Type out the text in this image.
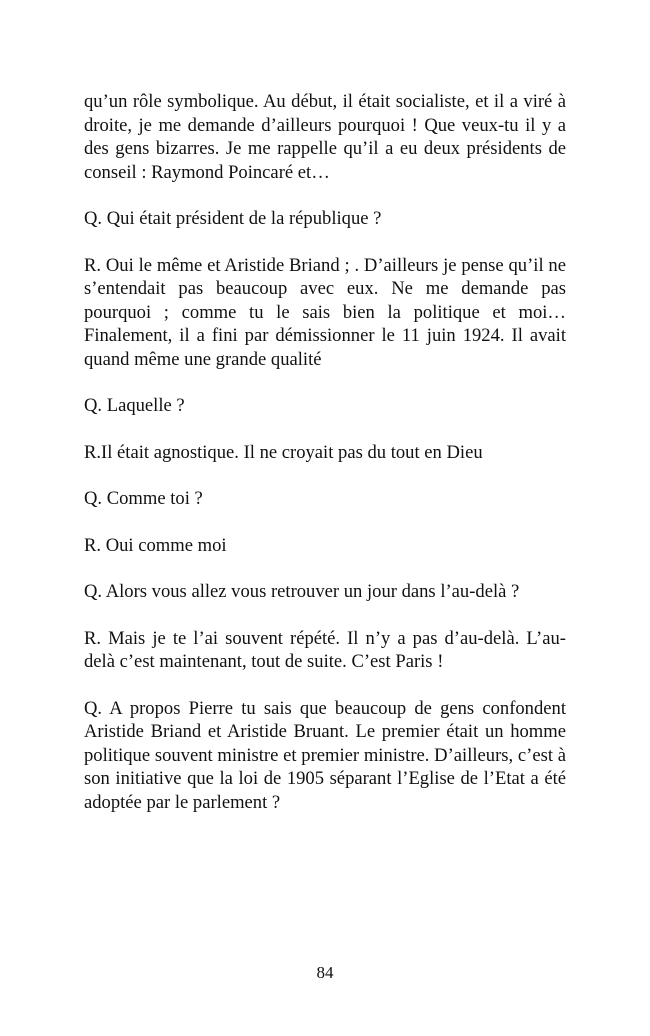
qu’un rôle symbolique. Au début, il était socialiste, et il a viré à droite, je me demande d’ailleurs pourquoi ! Que veux-tu il y a des gens bizarres. Je me rappelle qu’il a eu deux présidents de conseil : Raymond Poincaré et…

Q. Qui était président de la république ?

R. Oui le même et Aristide Briand ; . D’ailleurs je pense qu’il ne s’entendait pas beaucoup avec eux. Ne me demande pas pourquoi ; comme tu le sais bien la politique et moi… Finalement, il a fini par démissionner le 11 juin 1924. Il avait quand même une grande qualité

Q. Laquelle ?

R.Il était agnostique. Il ne croyait pas du tout en Dieu

Q. Comme toi ?

R. Oui comme moi

Q. Alors vous allez vous retrouver un jour dans l’au-delà ?

R. Mais je te l’ai souvent répété. Il n’y a pas d’au-delà. L’au-delà c’est maintenant, tout de suite. C’est Paris !

Q. A propos Pierre tu sais que beaucoup de gens confondent Aristide Briand et Aristide Bruant. Le premier était un homme politique souvent ministre et premier ministre. D’ailleurs, c’est à son initiative que la loi de 1905 séparant l’Eglise de l’Etat a été adoptée par le parlement ?

84
